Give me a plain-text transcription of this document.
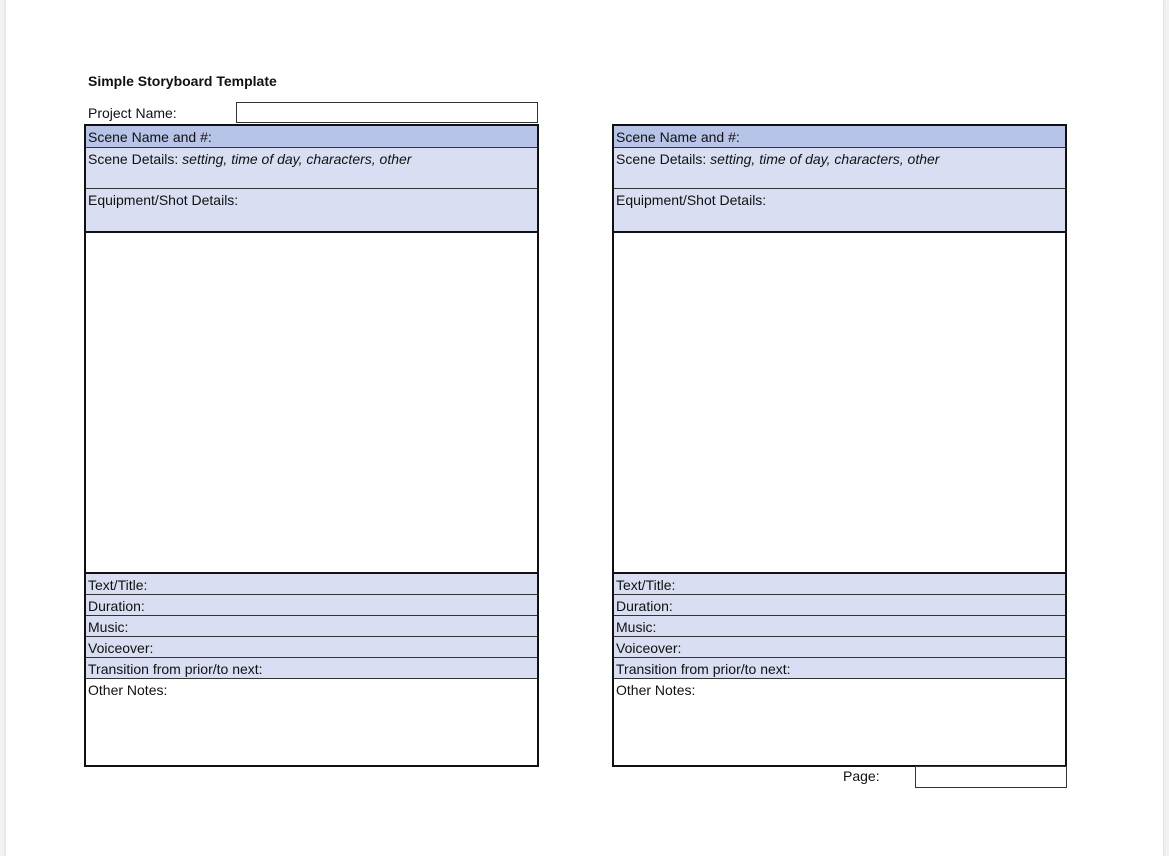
Simple Storyboard Template
Project Name:
Scene Name and #:
Scene Details: setting, time of day, characters, other
Equipment/Shot Details:
Text/Title:
Duration:
Music:
Voiceover:
Transition from prior/to next:
Other Notes:
Scene Name and #:
Scene Details: setting, time of day, characters, other
Equipment/Shot Details:
Text/Title:
Duration:
Music:
Voiceover:
Transition from prior/to next:
Other Notes:
Page:
